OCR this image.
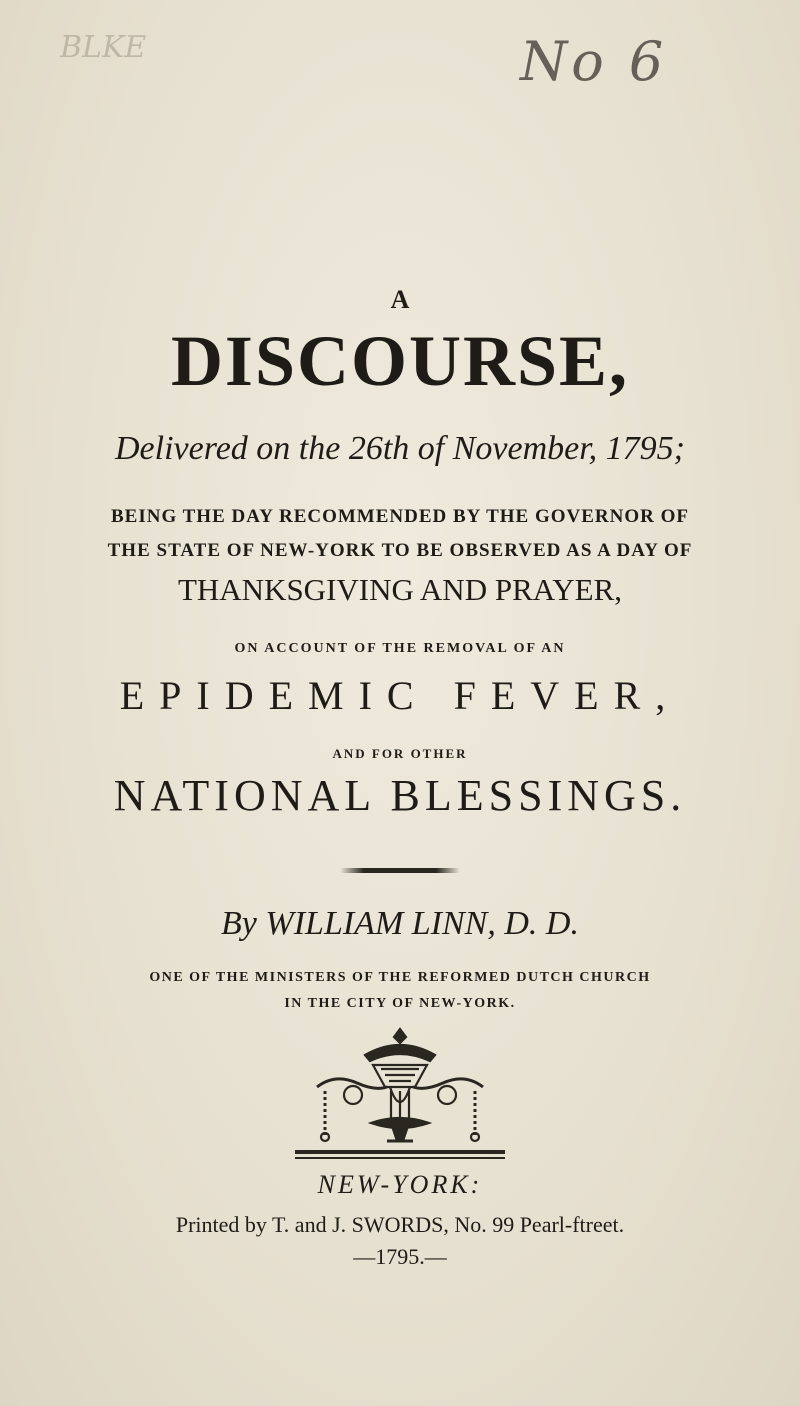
BLKE	No 6
A
DISCOURSE,
Delivered on the 26th of November, 1795;
BEING THE DAY RECOMMENDED BY THE GOVERNOR OF
THE STATE OF NEW-YORK TO BE OBSERVED AS A DAY OF
THANKSGIVING AND PRAYER,
ON ACCOUNT OF THE REMOVAL OF AN
EPIDEMIC FEVER,
AND FOR OTHER
NATIONAL BLESSINGS.
By WILLIAM LINN, D. D.
ONE OF THE MINISTERS OF THE REFORMED DUTCH CHURCH
IN THE CITY OF NEW-YORK.
NEW-YORK:
Printed by T. and J. SWORDS, No. 99 Pearl-ftreet.
—1795.—
